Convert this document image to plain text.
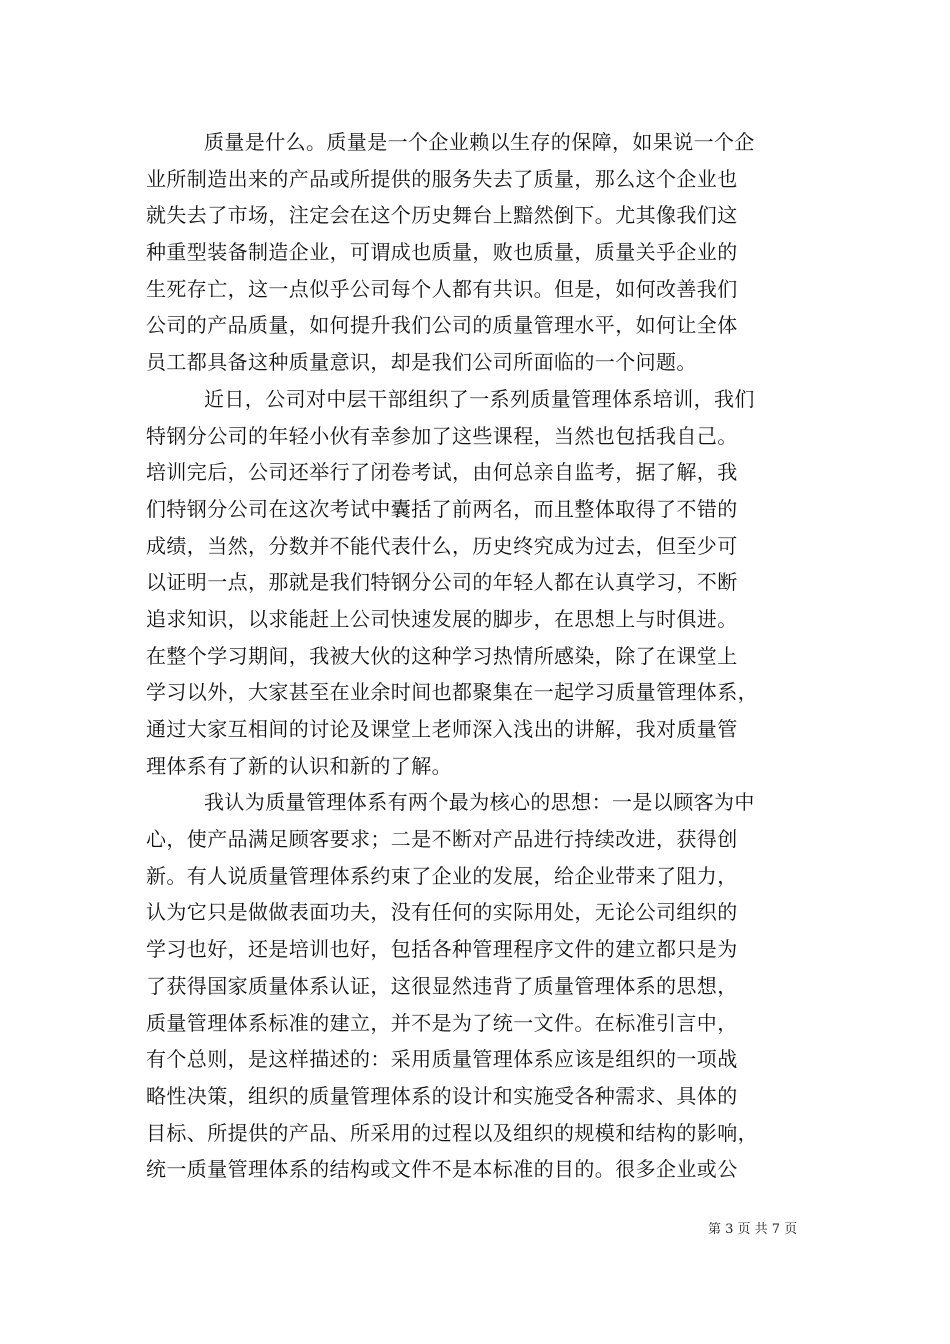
质量是什么。质量是一个企业赖以生存的保障，如果说一个企
业所制造出来的产品或所提供的服务失去了质量，那么这个企业也
就失去了市场，注定会在这个历史舞台上黯然倒下。尤其像我们这
种重型装备制造企业，可谓成也质量，败也质量，质量关乎企业的
生死存亡，这一点似乎公司每个人都有共识。但是，如何改善我们
公司的产品质量，如何提升我们公司的质量管理水平，如何让全体
员工都具备这种质量意识，却是我们公司所面临的一个问题。
近日，公司对中层干部组织了一系列质量管理体系培训，我们
特钢分公司的年轻小伙有幸参加了这些课程，当然也包括我自己。
培训完后，公司还举行了闭卷考试，由何总亲自监考，据了解，我
们特钢分公司在这次考试中囊括了前两名，而且整体取得了不错的
成绩，当然，分数并不能代表什么，历史终究成为过去，但至少可
以证明一点，那就是我们特钢分公司的年轻人都在认真学习，不断
追求知识，以求能赶上公司快速发展的脚步，在思想上与时俱进。
在整个学习期间，我被大伙的这种学习热情所感染，除了在课堂上
学习以外，大家甚至在业余时间也都聚集在一起学习质量管理体系，
通过大家互相间的讨论及课堂上老师深入浅出的讲解，我对质量管
理体系有了新的认识和新的了解。
我认为质量管理体系有两个最为核心的思想：一是以顾客为中
心，使产品满足顾客要求；二是不断对产品进行持续改进，获得创
新。有人说质量管理体系约束了企业的发展，给企业带来了阻力，
认为它只是做做表面功夫，没有任何的实际用处，无论公司组织的
学习也好，还是培训也好，包括各种管理程序文件的建立都只是为
了获得国家质量体系认证，这很显然违背了质量管理体系的思想，
质量管理体系标准的建立，并不是为了统一文件。在标准引言中，
有个总则，是这样描述的：采用质量管理体系应该是组织的一项战
略性决策，组织的质量管理体系的设计和实施受各种需求、具体的
目标、所提供的产品、所采用的过程以及组织的规模和结构的影响，
统一质量管理体系的结构或文件不是本标准的目的。很多企业或公
第 3 页 共 7 页
